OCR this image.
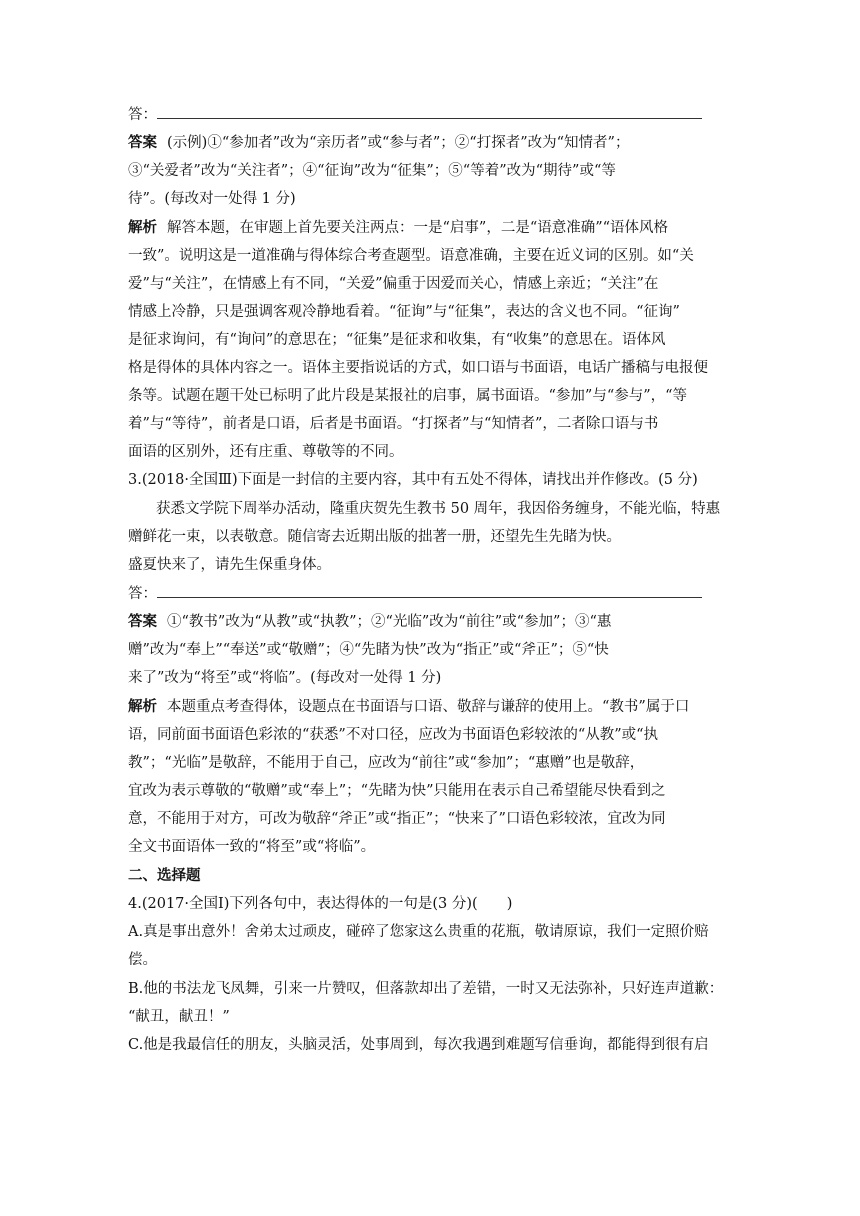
答：
答案 (示例)①“参加者”改为“亲历者”或“参与者”；②“打探者”改为“知情者”；
③“关爱者”改为“关注者”；④“征询”改为“征集”；⑤“等着”改为“期待”或“等
待”。(每改对一处得 1 分)
解析 解答本题，在审题上首先要关注两点：一是“启事”，二是“语意准确”“语体风格
一致”。说明这是一道准确与得体综合考查题型。语意准确，主要在近义词的区别。如“关
爱”与“关注”，在情感上有不同，“关爱”偏重于因爱而关心，情感上亲近；“关注”在
情感上冷静，只是强调客观冷静地看着。“征询”与“征集”，表达的含义也不同。“征询”
是征求询问，有“询问”的意思在；“征集”是征求和收集，有“收集”的意思在。语体风
格是得体的具体内容之一。语体主要指说话的方式，如口语与书面语，电话广播稿与电报便
条等。试题在题干处已标明了此片段是某报社的启事，属书面语。“参加”与“参与”，“等
着”与“等待”，前者是口语，后者是书面语。“打探者”与“知情者”，二者除口语与书
面语的区别外，还有庄重、尊敬等的不同。
3.(2018·全国Ⅲ)下面是一封信的主要内容，其中有五处不得体，请找出并作修改。(5 分)
获悉文学院下周举办活动，隆重庆贺先生教书 50 周年，我因俗务缠身，不能光临，特惠
赠鲜花一束，以表敬意。随信寄去近期出版的拙著一册，还望先生先睹为快。
盛夏快来了，请先生保重身体。
答：
答案 ①“教书”改为“从教”或“执教”；②“光临”改为“前往”或“参加”；③“惠
赠”改为“奉上”“奉送”或“敬赠”；④“先睹为快”改为“指正”或“斧正”；⑤“快
来了”改为“将至”或“将临”。(每改对一处得 1 分)
解析 本题重点考查得体，设题点在书面语与口语、敬辞与谦辞的使用上。“教书”属于口
语，同前面书面语色彩浓的“获悉”不对口径，应改为书面语色彩较浓的“从教”或“执
教”；“光临”是敬辞，不能用于自己，应改为“前往”或“参加”；“惠赠”也是敬辞，
宜改为表示尊敬的“敬赠”或“奉上”；“先睹为快”只能用在表示自己希望能尽快看到之
意，不能用于对方，可改为敬辞“斧正”或“指正”；“快来了”口语色彩较浓，宜改为同
全文书面语体一致的“将至”或“将临”。
二、选择题
4.(2017·全国Ⅰ)下列各句中，表达得体的一句是(3 分)(　　)
A.真是事出意外！舍弟太过顽皮，碰碎了您家这么贵重的花瓶，敬请原谅，我们一定照价赔
偿。
B.他的书法龙飞凤舞，引来一片赞叹，但落款却出了差错，一时又无法弥补，只好连声道歉：
“献丑，献丑！”
C.他是我最信任的朋友，头脑灵活，处事周到，每次我遇到难题写信垂询，都能得到很有启
